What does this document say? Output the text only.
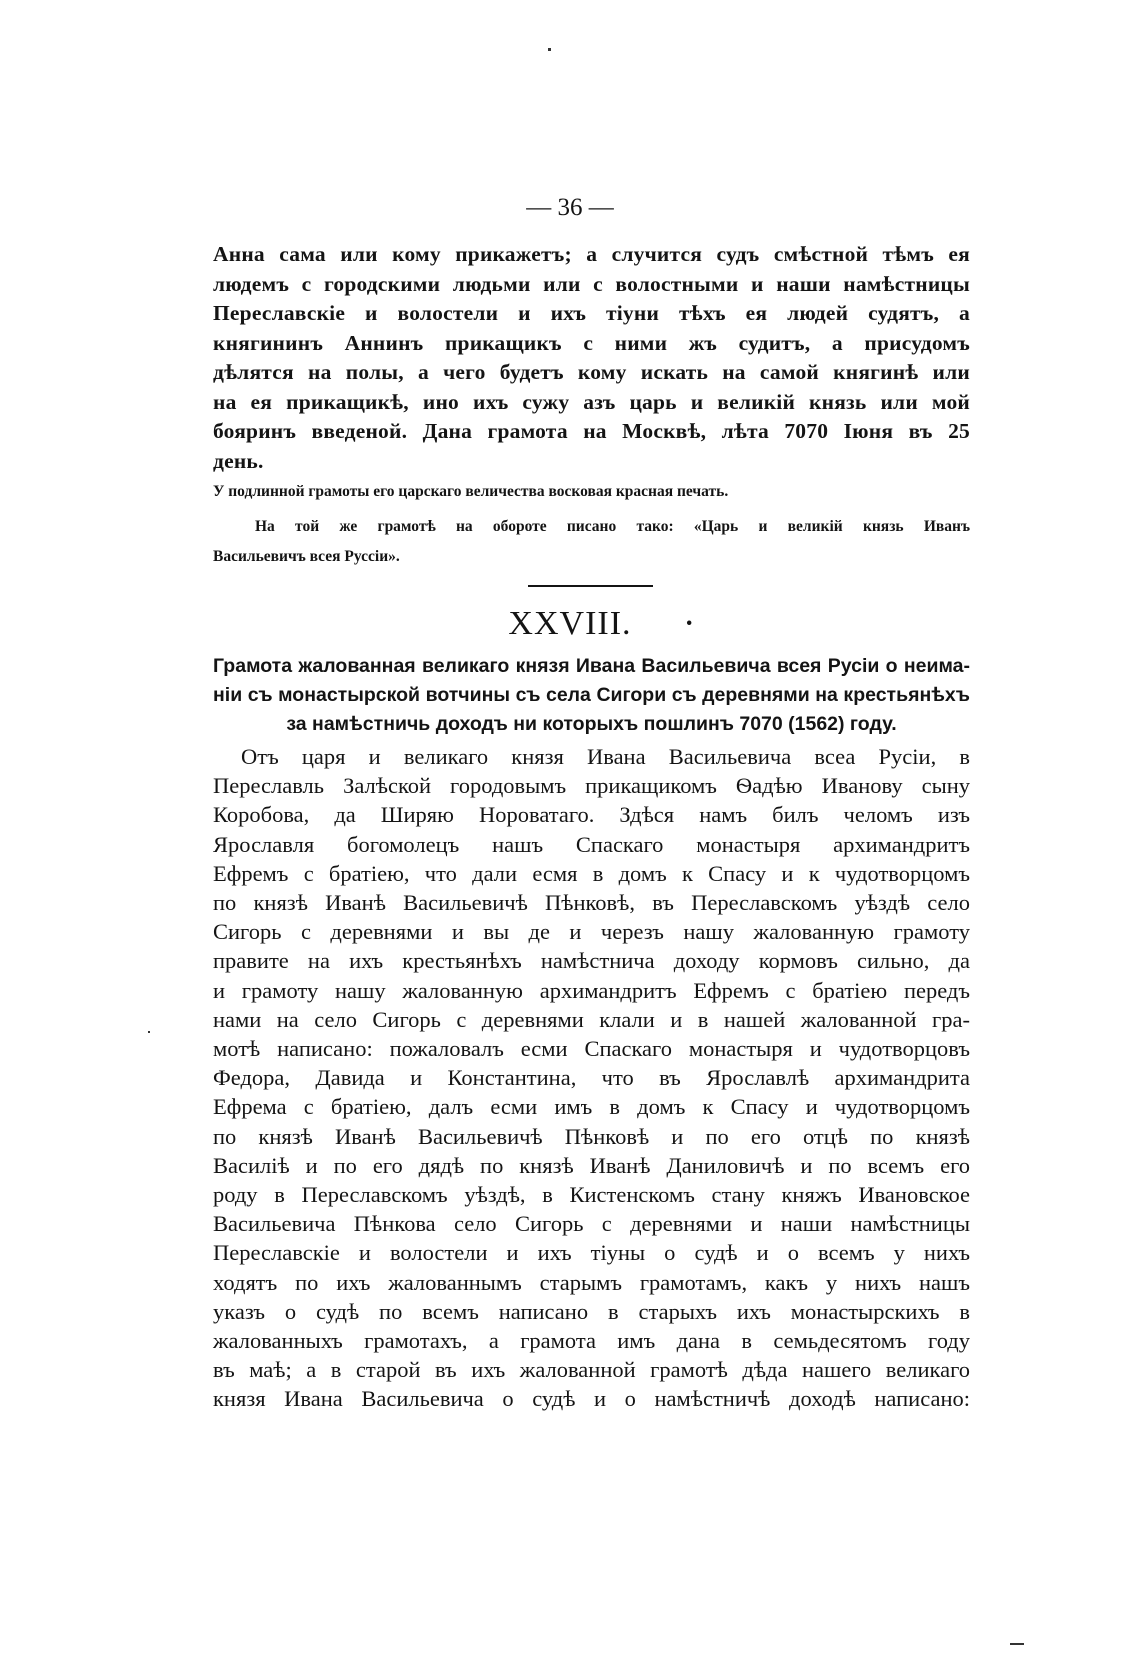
— 36 —
Анна сама или кому прикажетъ; а случится судъ смѣстной тѣмъ ея
людемъ с городскими людьми или с волостными и наши намѣстницы
Переславскіе и волостели и ихъ тіуни тѣхъ ея людей судятъ, а
княгининъ Аннинъ прикащикъ с ними жъ судитъ, а присудомъ
дѣлятся на полы, а чего будетъ кому искать на самой княгинѣ или
на ея прикащикѣ, ино ихъ сужу азъ царь и великій князь или мой
бояринъ введеной. Дана грамота на Москвѣ, лѣта 7070 Іюня въ 25
день.
У подлинной грамоты его царскаго величества восковая красная печать.
На той же грамотѣ на обороте писано тако: «Царь и великій князь Иванъ
Васильевичъ всея Руссіи».
XXVIII.	·
Грамота жалованная великаго князя Ивана Васильевича всея Русіи о неима-
ніи съ монастырской вотчины съ села Сигори съ деревнями на крестьянѣхъ
за намѣстничь доходъ ни которыхъ пошлинъ 7070 (1562) году.
Отъ царя и великаго князя Ивана Васильевича всеа Русіи, в
Переславль Залѣской городовымъ прикащикомъ Ѳадѣю Иванову сыну
Коробова, да Ширяю Нороватаго. Здѣся намъ билъ челомъ изъ
Ярославля богомолецъ нашъ Спаскаго монастыря архимандритъ
Ефремъ с братіею, что дали есмя в домъ к Спасу и к чудотворцомъ
по князѣ Иванѣ Васильевичѣ Пѣнковѣ, въ Переславскомъ уѣздѣ село
Сигорь с деревнями и вы де и черезъ нашу жалованную грамоту
правите на ихъ крестьянѣхъ намѣстнича доходу кормовъ сильно, да
и грамоту нашу жалованную архимандритъ Ефремъ с братіею передъ
нами на село Сигорь с деревнями клали и в нашей жалованной гра-
мотѣ написано: пожаловалъ есми Спаскаго монастыря и чудотворцовъ
Федора, Давида и Константина, что въ Ярославлѣ архимандрита
Ефрема с братіею, далъ есми имъ в домъ к Спасу и чудотворцомъ
по князѣ Иванѣ Васильевичѣ Пѣнковѣ и по его отцѣ по князѣ
Василіѣ и по его дядѣ по князѣ Иванѣ Даниловичѣ и по всемъ его
роду в Переславскомъ уѣздѣ, в Кистенскомъ стану княжъ Ивановское
Васильевича Пѣнкова село Сигорь с деревнями и наши намѣстницы
Переславскіе и волостели и ихъ тіуны о судѣ и о всемъ у нихъ
ходятъ по ихъ жалованнымъ старымъ грамотамъ, какъ у нихъ нашъ
указъ о судѣ по всемъ написано в старыхъ ихъ монастырскихъ в
жалованныхъ грамотахъ, а грамота имъ дана в семьдесятомъ году
въ маѣ; а в старой въ ихъ жалованной грамотѣ дѣда нашего великаго
князя Ивана Васильевича о судѣ и о намѣстничѣ доходѣ написано:
